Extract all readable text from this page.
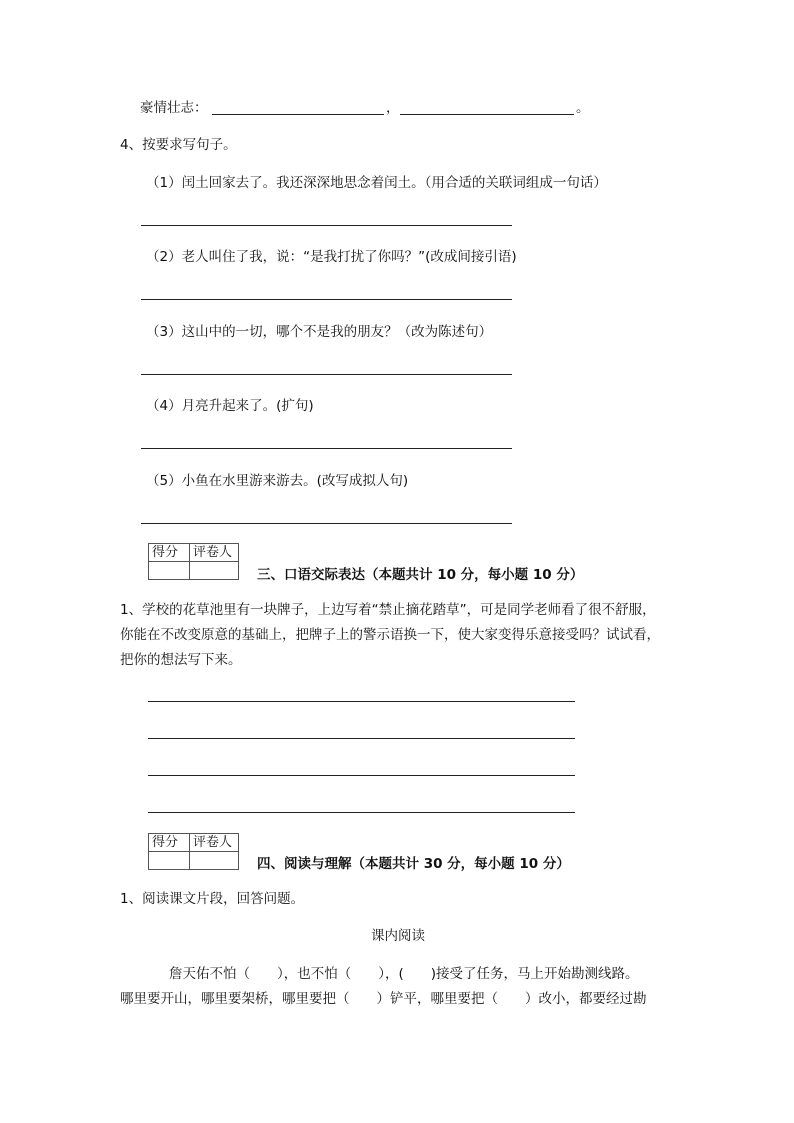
豪情壮志：	，	。
4、按要求写句子。
（1）闰土回家去了。我还深深地思念着闰土。（用合适的关联词组成一句话）
（2）老人叫住了我，说：“是我打扰了你吗？”(改成间接引语)
（3）这山中的一切，哪个不是我的朋友？（改为陈述句）
（4）月亮升起来了。(扩句)
（5）小鱼在水里游来游去。(改写成拟人句)
得分	评卷人

三、口语交际表达（本题共计 10 分，每小题 10 分）
1、学校的花草池里有一块牌子，上边写着“禁止摘花踏草”，可是同学老师看了很不舒服，
你能在不改变原意的基础上，把牌子上的警示语换一下，使大家变得乐意接受吗？试试看，
把你的想法写下来。
得分	评卷人

四、阅读与理解（本题共计 30 分，每小题 10 分）
1、阅读课文片段，回答问题。
课内阅读
詹天佑不怕（　　），也不怕（　　），(　　)接受了任务，马上开始勘测线路。
哪里要开山，哪里要架桥，哪里要把（　　）铲平，哪里要把（　　）改小，都要经过勘
